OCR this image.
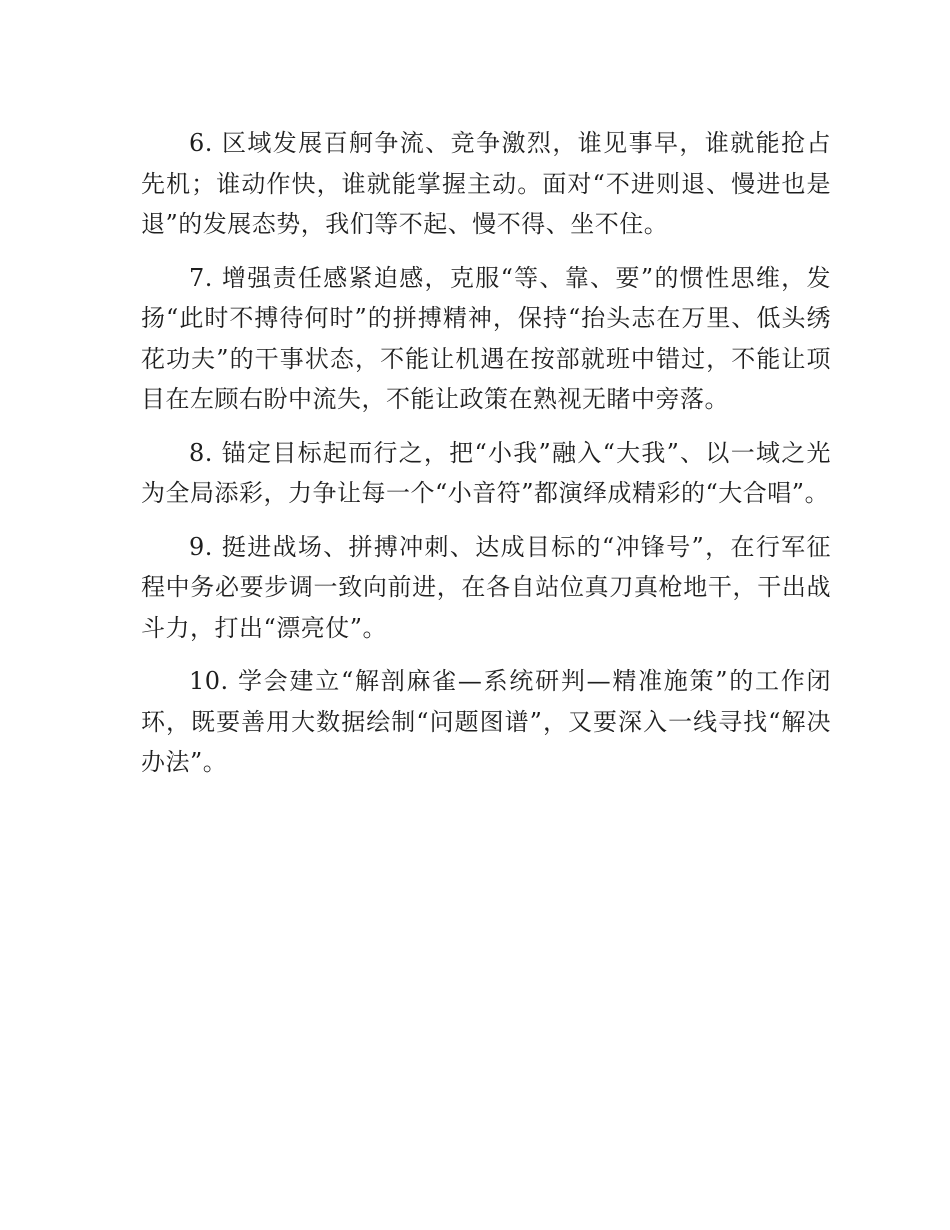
6. 区域发展百舸争流、竞争激烈，谁见事早，谁就能抢占先机；谁动作快，谁就能掌握主动。面对“不进则退、慢进也是退”的发展态势，我们等不起、慢不得、坐不住。

7. 增强责任感紧迫感，克服“等、靠、要”的惯性思维，发扬“此时不搏待何时”的拼搏精神，保持“抬头志在万里、低头绣花功夫”的干事状态，不能让机遇在按部就班中错过，不能让项目在左顾右盼中流失，不能让政策在熟视无睹中旁落。

8. 锚定目标起而行之，把“小我”融入“大我”、以一域之光为全局添彩，力争让每一个“小音符”都演绎成精彩的“大合唱”。

9. 挺进战场、拼搏冲刺、达成目标的“冲锋号”，在行军征程中务必要步调一致向前进，在各自站位真刀真枪地干，干出战斗力，打出“漂亮仗”。

10. 学会建立“解剖麻雀—系统研判—精准施策”的工作闭环，既要善用大数据绘制“问题图谱”，又要深入一线寻找“解决办法”。
